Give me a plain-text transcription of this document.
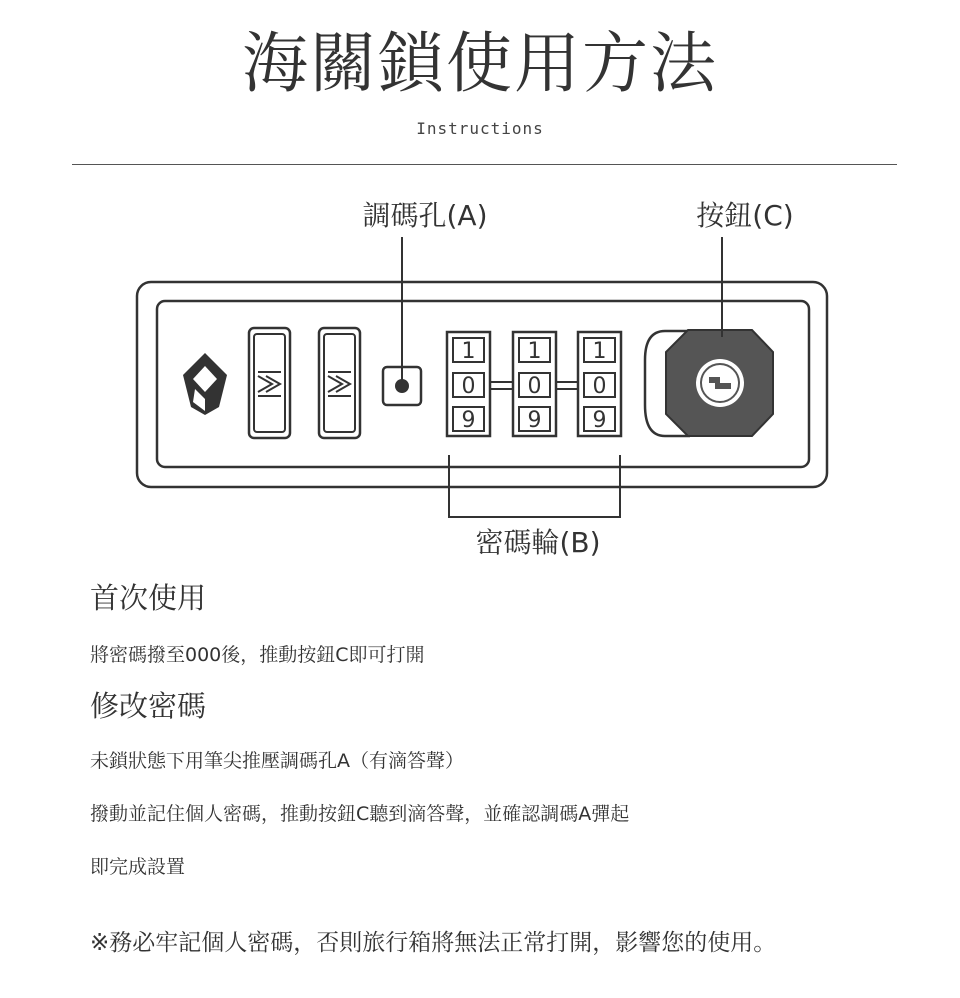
海關鎖使用方法
Instructions
調碼孔(A)	按鈕(C)
1
0
9
1
0
9
1
0
9
密碼輪(B)
首次使用

將密碼撥至000後，推動按鈕C即可打開

修改密碼

未鎖狀態下用筆尖推壓調碼孔A（有滴答聲）

撥動並記住個人密碼，推動按鈕C聽到滴答聲，並確認調碼A彈起

即完成設置

※務必牢記個人密碼，否則旅行箱將無法正常打開，影響您的使用。
